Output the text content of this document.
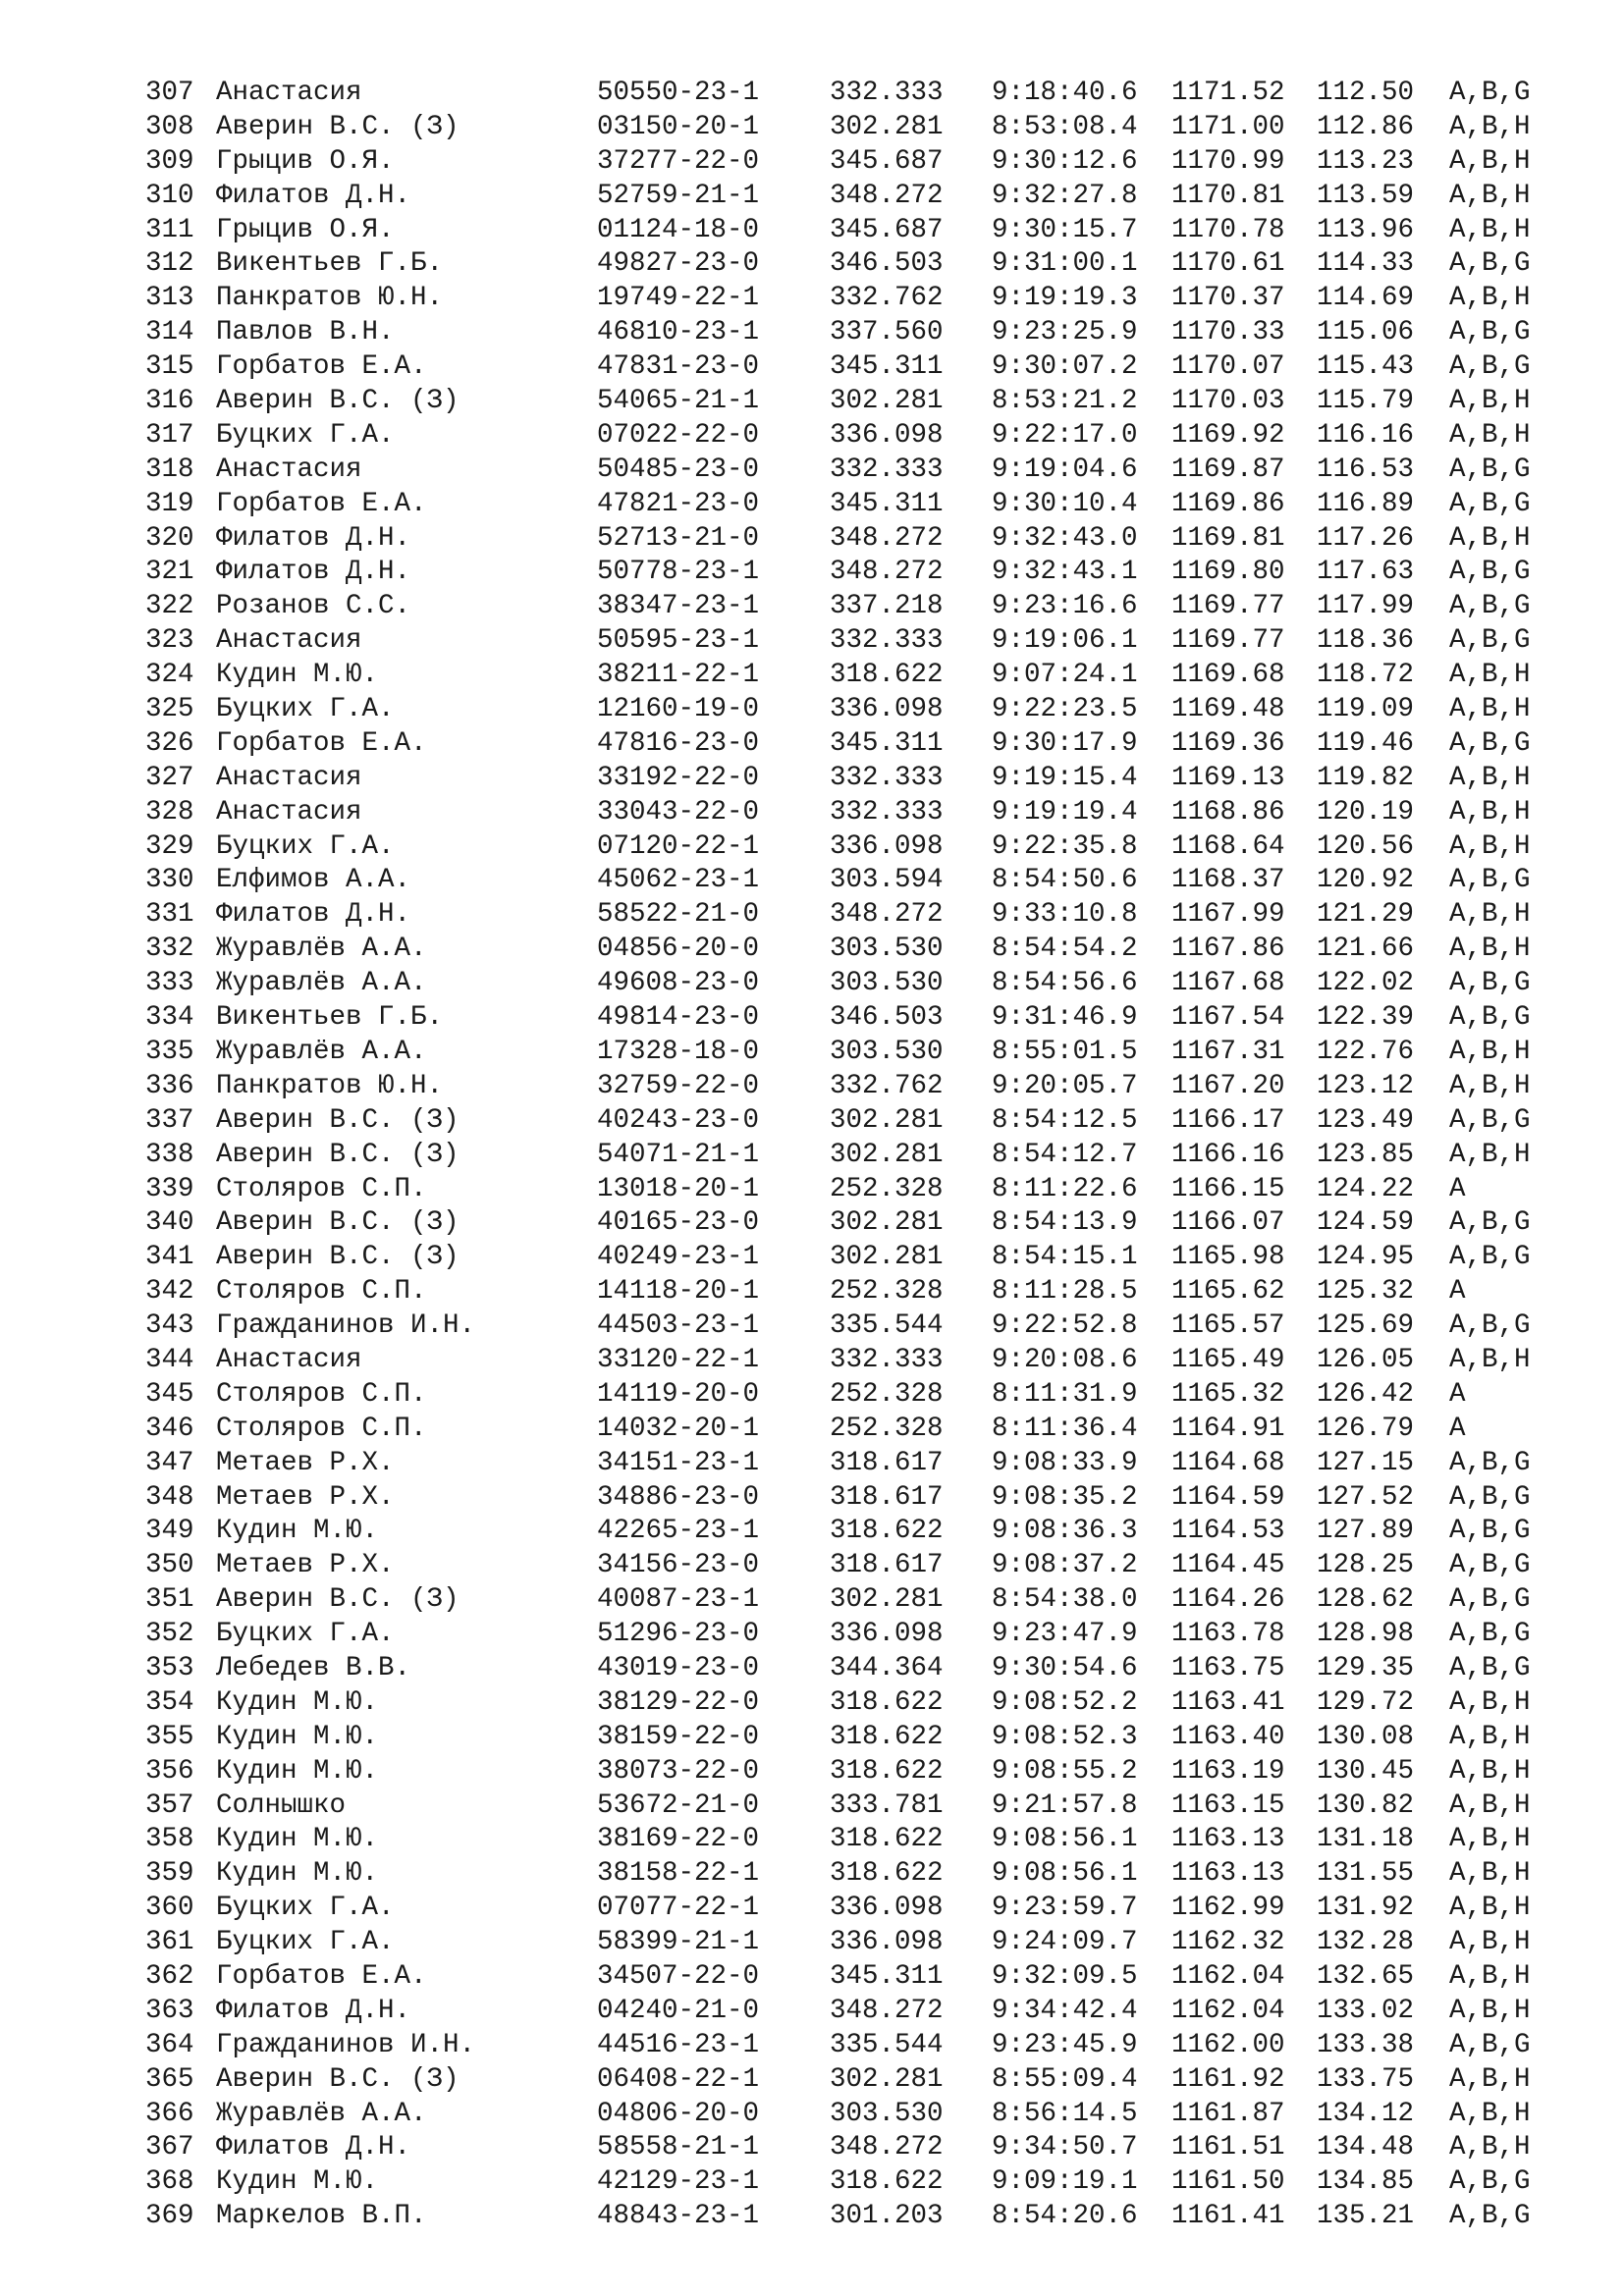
307 Анастасия	50550-23-1	332.333	9:18:40.6	1171.52	112.50	A,B,G
308 Аверин В.С. (З)	03150-20-1	302.281	8:53:08.4	1171.00	112.86	A,B,H
309 Грыцив О.Я.	37277-22-0	345.687	9:30:12.6	1170.99	113.23	A,B,H
310 Филатов Д.Н.	52759-21-1	348.272	9:32:27.8	1170.81	113.59	A,B,H
311 Грыцив О.Я.	01124-18-0	345.687	9:30:15.7	1170.78	113.96	A,B,H
312 Викентьев Г.Б.	49827-23-0	346.503	9:31:00.1	1170.61	114.33	A,B,G
313 Панкратов Ю.Н.	19749-22-1	332.762	9:19:19.3	1170.37	114.69	A,B,H
314 Павлов В.Н.	46810-23-1	337.560	9:23:25.9	1170.33	115.06	A,B,G
315 Горбатов Е.А.	47831-23-0	345.311	9:30:07.2	1170.07	115.43	A,B,G
316 Аверин В.С. (З)	54065-21-1	302.281	8:53:21.2	1170.03	115.79	A,B,H
317 Буцких Г.А.	07022-22-0	336.098	9:22:17.0	1169.92	116.16	A,B,H
318 Анастасия	50485-23-0	332.333	9:19:04.6	1169.87	116.53	A,B,G
319 Горбатов Е.А.	47821-23-0	345.311	9:30:10.4	1169.86	116.89	A,B,G
320 Филатов Д.Н.	52713-21-0	348.272	9:32:43.0	1169.81	117.26	A,B,H
321 Филатов Д.Н.	50778-23-1	348.272	9:32:43.1	1169.80	117.63	A,B,G
322 Розанов С.С.	38347-23-1	337.218	9:23:16.6	1169.77	117.99	A,B,G
323 Анастасия	50595-23-1	332.333	9:19:06.1	1169.77	118.36	A,B,G
324 Кудин М.Ю.	38211-22-1	318.622	9:07:24.1	1169.68	118.72	A,B,H
325 Буцких Г.А.	12160-19-0	336.098	9:22:23.5	1169.48	119.09	A,B,H
326 Горбатов Е.А.	47816-23-0	345.311	9:30:17.9	1169.36	119.46	A,B,G
327 Анастасия	33192-22-0	332.333	9:19:15.4	1169.13	119.82	A,B,H
328 Анастасия	33043-22-0	332.333	9:19:19.4	1168.86	120.19	A,B,H
329 Буцких Г.А.	07120-22-1	336.098	9:22:35.8	1168.64	120.56	A,B,H
330 Елфимов А.А.	45062-23-1	303.594	8:54:50.6	1168.37	120.92	A,B,G
331 Филатов Д.Н.	58522-21-0	348.272	9:33:10.8	1167.99	121.29	A,B,H
332 Журавлёв А.А.	04856-20-0	303.530	8:54:54.2	1167.86	121.66	A,B,H
333 Журавлёв А.А.	49608-23-0	303.530	8:54:56.6	1167.68	122.02	A,B,G
334 Викентьев Г.Б.	49814-23-0	346.503	9:31:46.9	1167.54	122.39	A,B,G
335 Журавлёв А.А.	17328-18-0	303.530	8:55:01.5	1167.31	122.76	A,B,H
336 Панкратов Ю.Н.	32759-22-0	332.762	9:20:05.7	1167.20	123.12	A,B,H
337 Аверин В.С. (З)	40243-23-0	302.281	8:54:12.5	1166.17	123.49	A,B,G
338 Аверин В.С. (З)	54071-21-1	302.281	8:54:12.7	1166.16	123.85	A,B,H
339 Столяров С.П.	13018-20-1	252.328	8:11:22.6	1166.15	124.22	A
340 Аверин В.С. (З)	40165-23-0	302.281	8:54:13.9	1166.07	124.59	A,B,G
341 Аверин В.С. (З)	40249-23-1	302.281	8:54:15.1	1165.98	124.95	A,B,G
342 Столяров С.П.	14118-20-1	252.328	8:11:28.5	1165.62	125.32	A
343 Гражданинов И.Н.	44503-23-1	335.544	9:22:52.8	1165.57	125.69	A,B,G
344 Анастасия	33120-22-1	332.333	9:20:08.6	1165.49	126.05	A,B,H
345 Столяров С.П.	14119-20-0	252.328	8:11:31.9	1165.32	126.42	A
346 Столяров С.П.	14032-20-1	252.328	8:11:36.4	1164.91	126.79	A
347 Метаев Р.Х.	34151-23-1	318.617	9:08:33.9	1164.68	127.15	A,B,G
348 Метаев Р.Х.	34886-23-0	318.617	9:08:35.2	1164.59	127.52	A,B,G
349 Кудин М.Ю.	42265-23-1	318.622	9:08:36.3	1164.53	127.89	A,B,G
350 Метаев Р.Х.	34156-23-0	318.617	9:08:37.2	1164.45	128.25	A,B,G
351 Аверин В.С. (З)	40087-23-1	302.281	8:54:38.0	1164.26	128.62	A,B,G
352 Буцких Г.А.	51296-23-0	336.098	9:23:47.9	1163.78	128.98	A,B,G
353 Лебедев В.В.	43019-23-0	344.364	9:30:54.6	1163.75	129.35	A,B,G
354 Кудин М.Ю.	38129-22-0	318.622	9:08:52.2	1163.41	129.72	A,B,H
355 Кудин М.Ю.	38159-22-0	318.622	9:08:52.3	1163.40	130.08	A,B,H
356 Кудин М.Ю.	38073-22-0	318.622	9:08:55.2	1163.19	130.45	A,B,H
357 Солнышко	53672-21-0	333.781	9:21:57.8	1163.15	130.82	A,B,H
358 Кудин М.Ю.	38169-22-0	318.622	9:08:56.1	1163.13	131.18	A,B,H
359 Кудин М.Ю.	38158-22-1	318.622	9:08:56.1	1163.13	131.55	A,B,H
360 Буцких Г.А.	07077-22-1	336.098	9:23:59.7	1162.99	131.92	A,B,H
361 Буцких Г.А.	58399-21-1	336.098	9:24:09.7	1162.32	132.28	A,B,H
362 Горбатов Е.А.	34507-22-0	345.311	9:32:09.5	1162.04	132.65	A,B,H
363 Филатов Д.Н.	04240-21-0	348.272	9:34:42.4	1162.04	133.02	A,B,H
364 Гражданинов И.Н.	44516-23-1	335.544	9:23:45.9	1162.00	133.38	A,B,G
365 Аверин В.С. (З)	06408-22-1	302.281	8:55:09.4	1161.92	133.75	A,B,H
366 Журавлёв А.А.	04806-20-0	303.530	8:56:14.5	1161.87	134.12	A,B,H
367 Филатов Д.Н.	58558-21-1	348.272	9:34:50.7	1161.51	134.48	A,B,H
368 Кудин М.Ю.	42129-23-1	318.622	9:09:19.1	1161.50	134.85	A,B,G
369 Маркелов В.П.	48843-23-1	301.203	8:54:20.6	1161.41	135.21	A,B,G
